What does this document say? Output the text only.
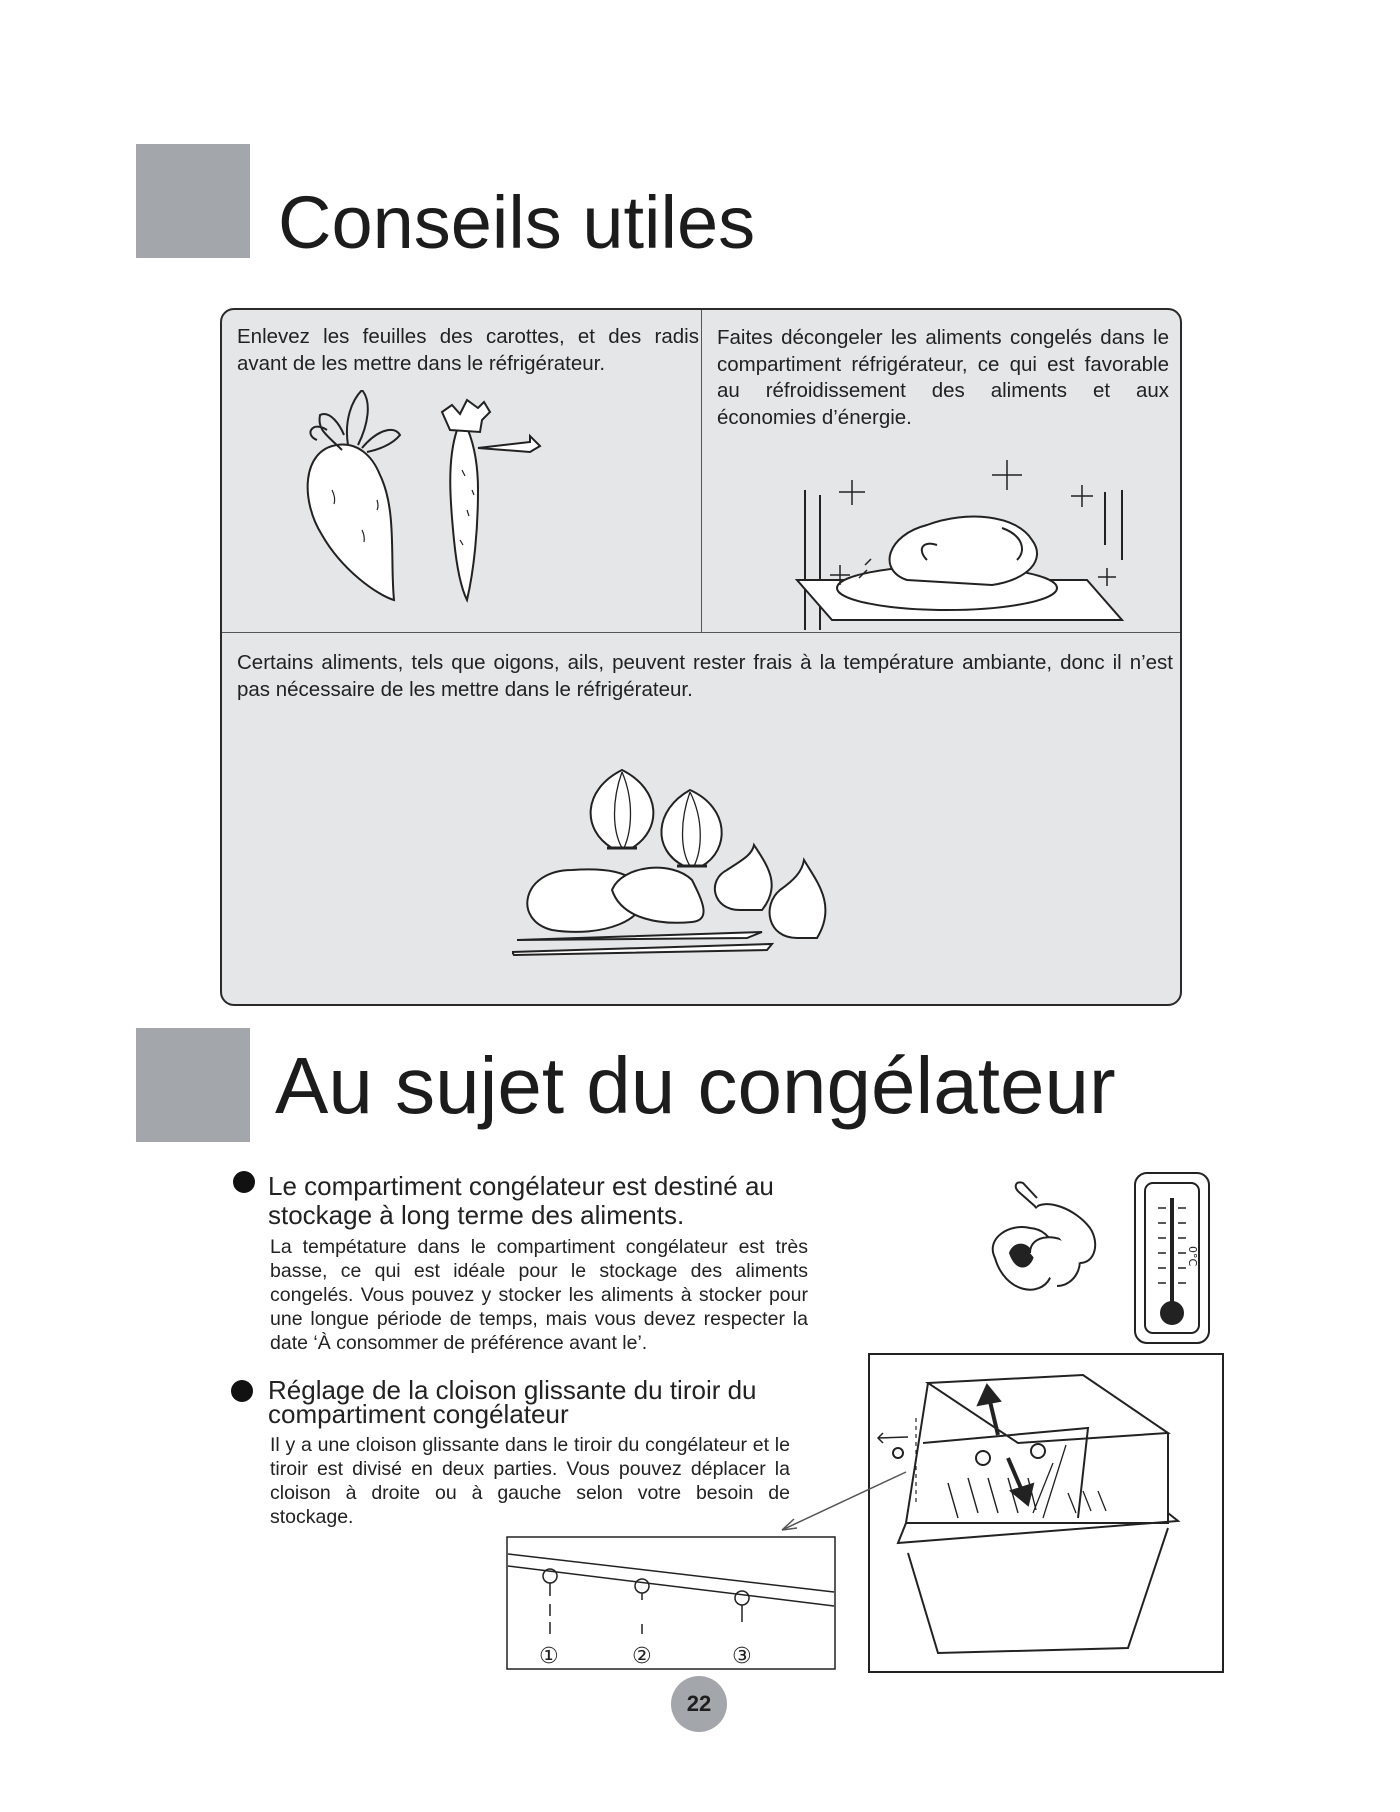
Conseils utiles

Enlevez les feuilles des carottes, et des radis avant de les mettre dans le réfrigérateur.

Faites décongeler les aliments congelés dans le compartiment réfrigérateur, ce qui est favorable au réfroidissement des aliments et aux économies d’énergie.

Certains aliments, tels que oigons, ails, peuvent rester frais à la température ambiante, donc il n’est pas nécessaire de les mettre dans le réfrigérateur.

Au sujet du congélateur

Le compartiment congélateur est destiné au stockage à long terme des aliments.

La tempétature dans le compartiment congélateur est très basse, ce qui est idéale pour le stockage des aliments congelés. Vous pouvez y stocker les aliments à stocker pour une longue période de temps, mais vous devez respecter la date ‘À consommer de préférence avant le’.

Réglage de la cloison glissante du tiroir du compartiment congélateur

Il y a une cloison glissante dans le tiroir du congélateur et le tiroir est divisé en deux parties. Vous pouvez déplacer la cloison à droite ou à gauche selon votre besoin de stockage.

0°C
①	②	③
22
